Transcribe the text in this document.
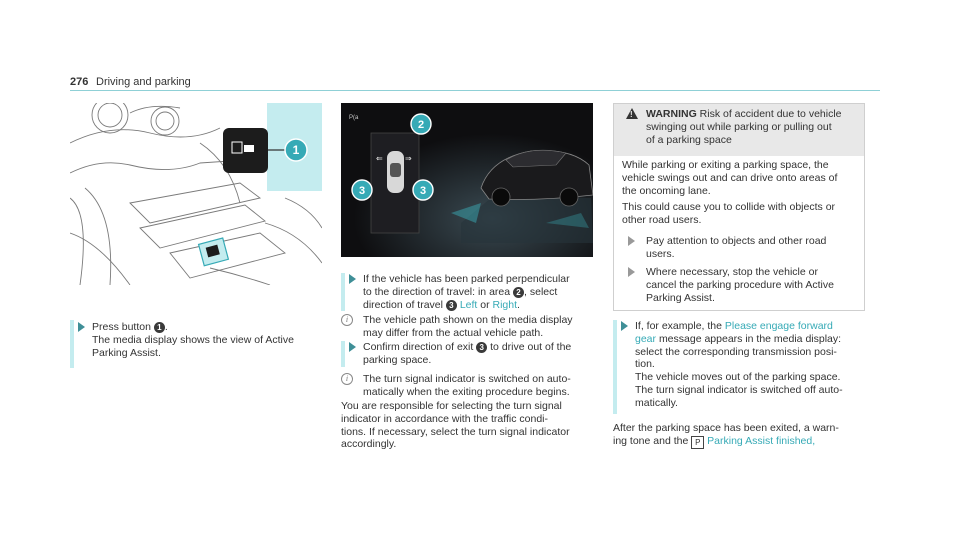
276 Driving and parking
1
P(a
⇐	⇒
2
3	3

Press button 1 .

The media display shows the view of Active

Parking Assist.

If the vehicle has been parked perpendicular

to the direction of travel: in area 2 , select

direction of travel 3 Left or Right.

i	The vehicle path shown on the media display

may differ from the actual vehicle path.

Confirm direction of exit 3 to drive out of the

parking space.

i	The turn signal indicator is switched on auto-

matically when the exiting procedure begins.

You are responsible for selecting the turn signal

indicator in accordance with the traffic condi-

tions. If necessary, select the turn signal indicator

accordingly.

! WARNING Risk of accident due to vehicle

swinging out while parking or pulling out

of a parking space

While parking or exiting a parking space, the

vehicle swings out and can drive onto areas of

the oncoming lane.

This could cause you to collide with objects or

other road users.

Pay attention to objects and other road

users.

Where necessary, stop the vehicle or

cancel the parking procedure with Active

Parking Assist.

If, for example, the Please engage forward

gear message appears in the media display:

select the corresponding transmission posi-

tion.

The vehicle moves out of the parking space.

The turn signal indicator is switched off auto-

matically.

After the parking space has been exited, a warn-

ing tone and the P Parking Assist finished,
